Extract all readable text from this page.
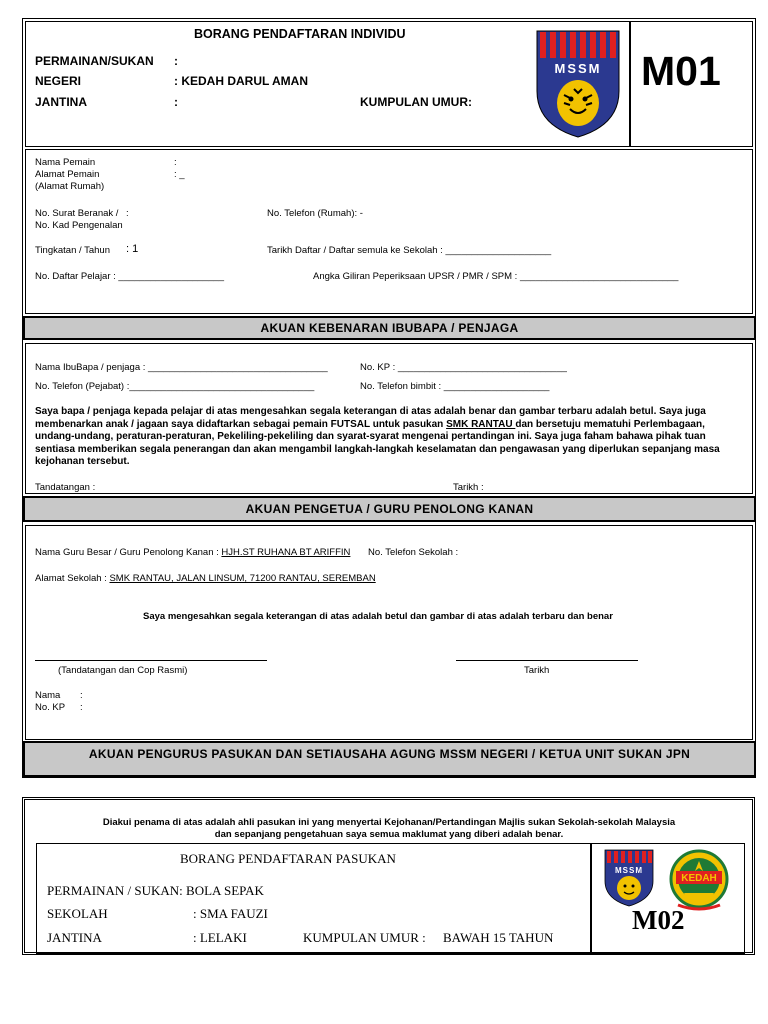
BORANG PENDAFTARAN INDIVIDU
M01
MSSM
PERMAINAN/SUKAN :
NEGERI	: KEDAH DARUL AMAN
JANTINA	:	KUMPULAN UMUR:
Nama Pemain	:
Alamat Pemain	: _
(Alamat Rumah)
No. Surat Beranak / :
No. Kad Pengenalan
No. Telefon (Rumah): -
Tingkatan / Tahun : 1	Tarikh Daftar / Daftar semula ke Sekolah : ____________________
No. Daftar Pelajar : ____________________	Angka Giliran Peperiksaan UPSR / PMR / SPM : ______________________________
AKUAN KEBENARAN IBUBAPA / PENJAGA
Nama IbuBapa / penjaga : __________________________________	No. KP : ________________________________
No. Telefon (Pejabat) :___________________________________	No. Telefon bimbit : ____________________
Saya bapa / penjaga kepada pelajar di atas mengesahkan segala keterangan di atas adalah benar dan gambar terbaru adalah betul. Saya juga membenarkan anak / jagaan saya didaftarkan sebagai pemain FUTSAL untuk pasukan SMK RANTAU dan bersetuju mematuhi Perlembagaan, undang-undang, peraturan-peraturan, Pekeliling-pekeliling dan syarat-syarat mengenai pertandingan ini. Saya juga faham bahawa pihak tuan sentiasa memberikan segala penerangan dan akan mengambil langkah-langkah keselamatan dan pengawasan yang diperlukan sepanjang masa kejohanan tersebut.
Tandatangan :	Tarikh :
AKUAN PENGETUA / GURU PENOLONG KANAN
Nama Guru Besar / Guru Penolong Kanan : HJH.ST RUHANA BT ARIFFIN No. Telefon Sekolah :
Alamat Sekolah : SMK RANTAU, JALAN LINSUM, 71200 RANTAU, SEREMBAN
Saya mengesahkan segala keterangan di atas adalah betul dan gambar di atas adalah terbaru dan benar
(Tandatangan dan Cop Rasmi)	Tarikh
Nama :
No. KP :
AKUAN PENGURUS PASUKAN DAN SETIAUSAHA AGUNG MSSM NEGERI / KETUA UNIT SUKAN JPN
Diakui penama di atas adalah ahli pasukan ini yang menyertai Kejohanan/Pertandingan Majlis sukan Sekolah-sekolah Malaysia
dan sepanjang pengetahuan saya semua maklumat yang diberi adalah benar.
BORANG PENDAFTARAN PASUKAN
PERMAINAN / SUKAN: BOLA SEPAK
SEKOLAH	: SMA FAUZI
JANTINA	: LELAKI	KUMPULAN UMUR : BAWAH 15 TAHUN
MSSM
KEDAH
M02
